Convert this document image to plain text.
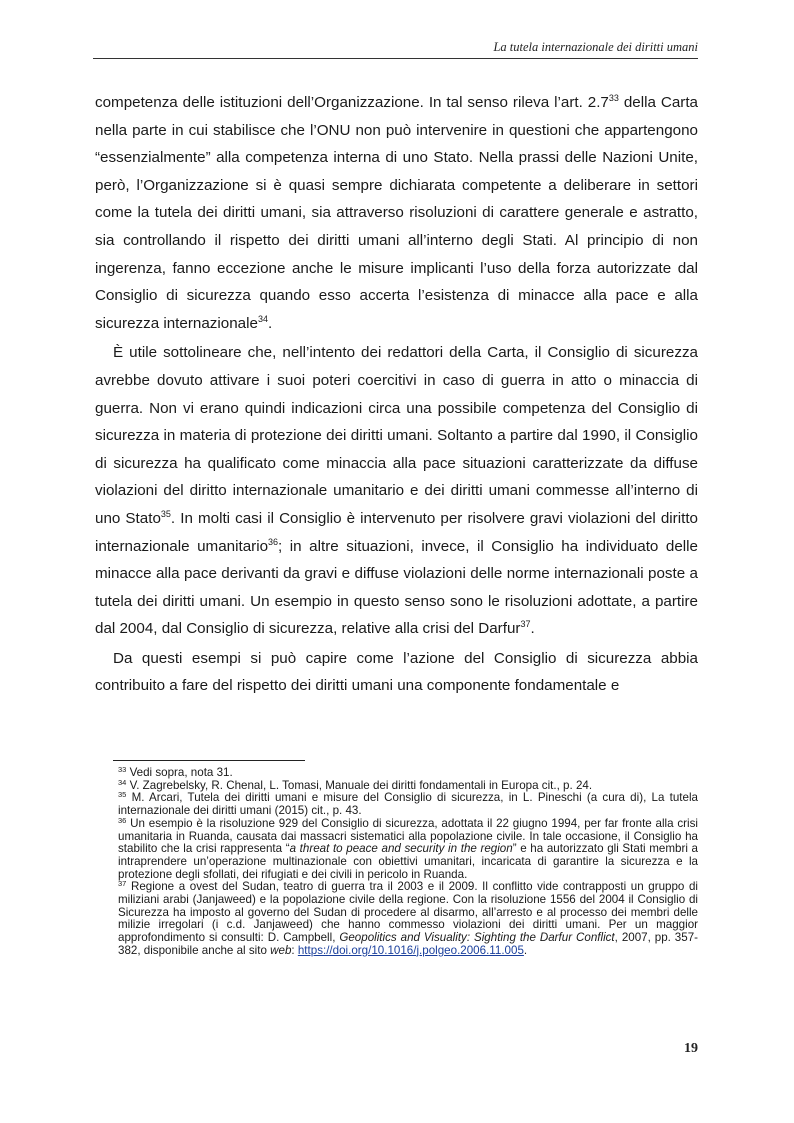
La tutela internazionale dei diritti umani

competenza delle istituzioni dell’Organizzazione. In tal senso rileva l’art. $2.7^{33}$ della Carta nella parte in cui stabilisce che l’ONU non può intervenire in questioni che appartengono “essenzialmente” alla competenza interna di uno Stato. Nella prassi delle Nazioni Unite, però, l’Organizzazione si è quasi sempre dichiarata competente a deliberare in settori come la tutela dei diritti umani, sia attraverso risoluzioni di carattere generale e astratto, sia controllando il rispetto dei diritti umani all’interno degli Stati. Al principio di non ingerenza, fanno eccezione anche le misure implicanti l’uso della forza autorizzate dal Consiglio di sicurezza quando esso accerta l’esistenza di minacce alla pace e alla sicurezza internazionale$^{34}$.

È utile sottolineare che, nell’intento dei redattori della Carta, il Consiglio di sicurezza avrebbe dovuto attivare i suoi poteri coercitivi in caso di guerra in atto o minaccia di guerra. Non vi erano quindi indicazioni circa una possibile competenza del Consiglio di sicurezza in materia di protezione dei diritti umani. Soltanto a partire dal 1990, il Consiglio di sicurezza ha qualificato come minaccia alla pace situazioni caratterizzate da diffuse violazioni del diritto internazionale umanitario e dei diritti umani commesse all’interno di uno Stato$^{35}$. In molti casi il Consiglio è intervenuto per risolvere gravi violazioni del diritto internazionale umanitario$^{36}$; in altre situazioni, invece, il Consiglio ha individuato delle minacce alla pace derivanti da gravi e diffuse violazioni delle norme internazionali poste a tutela dei diritti umani. Un esempio in questo senso sono le risoluzioni adottate, a partire dal 2004, dal Consiglio di sicurezza, relative alla crisi del Darfur$^{37}$.

Da questi esempi si può capire come l’azione del Consiglio di sicurezza abbia contribuito a fare del rispetto dei diritti umani una componente fondamentale e

$^{33}$ Vedi sopra, nota 31.

$^{34}$ V. Zagrebelsky, R. Chenal, L. Tomasi, Manuale dei diritti fondamentali in Europa cit., p. 24.

$^{35}$ M. Arcari, Tutela dei diritti umani e misure del Consiglio di sicurezza, in L. Pineschi (a cura di), La tutela internazionale dei diritti umani (2015) cit., p. 43.

$^{36}$ Un esempio è la risoluzione 929 del Consiglio di sicurezza, adottata il 22 giugno 1994, per far fronte alla crisi umanitaria in Ruanda, causata dai massacri sistematici alla popolazione civile. In tale occasione, il Consiglio ha stabilito che la crisi rappresenta “a threat to peace and security in the region” e ha autorizzato gli Stati membri a intraprendere un’operazione multinazionale con obiettivi umanitari, incaricata di garantire la sicurezza e la protezione degli sfollati, dei rifugiati e dei civili in pericolo in Ruanda.

$^{37}$ Regione a ovest del Sudan, teatro di guerra tra il 2003 e il 2009. Il conflitto vide contrapposti un gruppo di miliziani arabi (Janjaweed) e la popolazione civile della regione. Con la risoluzione 1556 del 2004 il Consiglio di Sicurezza ha imposto al governo del Sudan di procedere al disarmo, all’arresto e al processo dei membri delle milizie irregolari (i c.d. Janjaweed) che hanno commesso violazioni dei diritti umani. Per un maggior approfondimento si consulti: D. Campbell, Geopolitics and Visuality: Sighting the Darfur Conflict, 2007, pp. 357-382, disponibile anche al sito web: https://doi.org/10.1016/j.polgeo.2006.11.005.

19
